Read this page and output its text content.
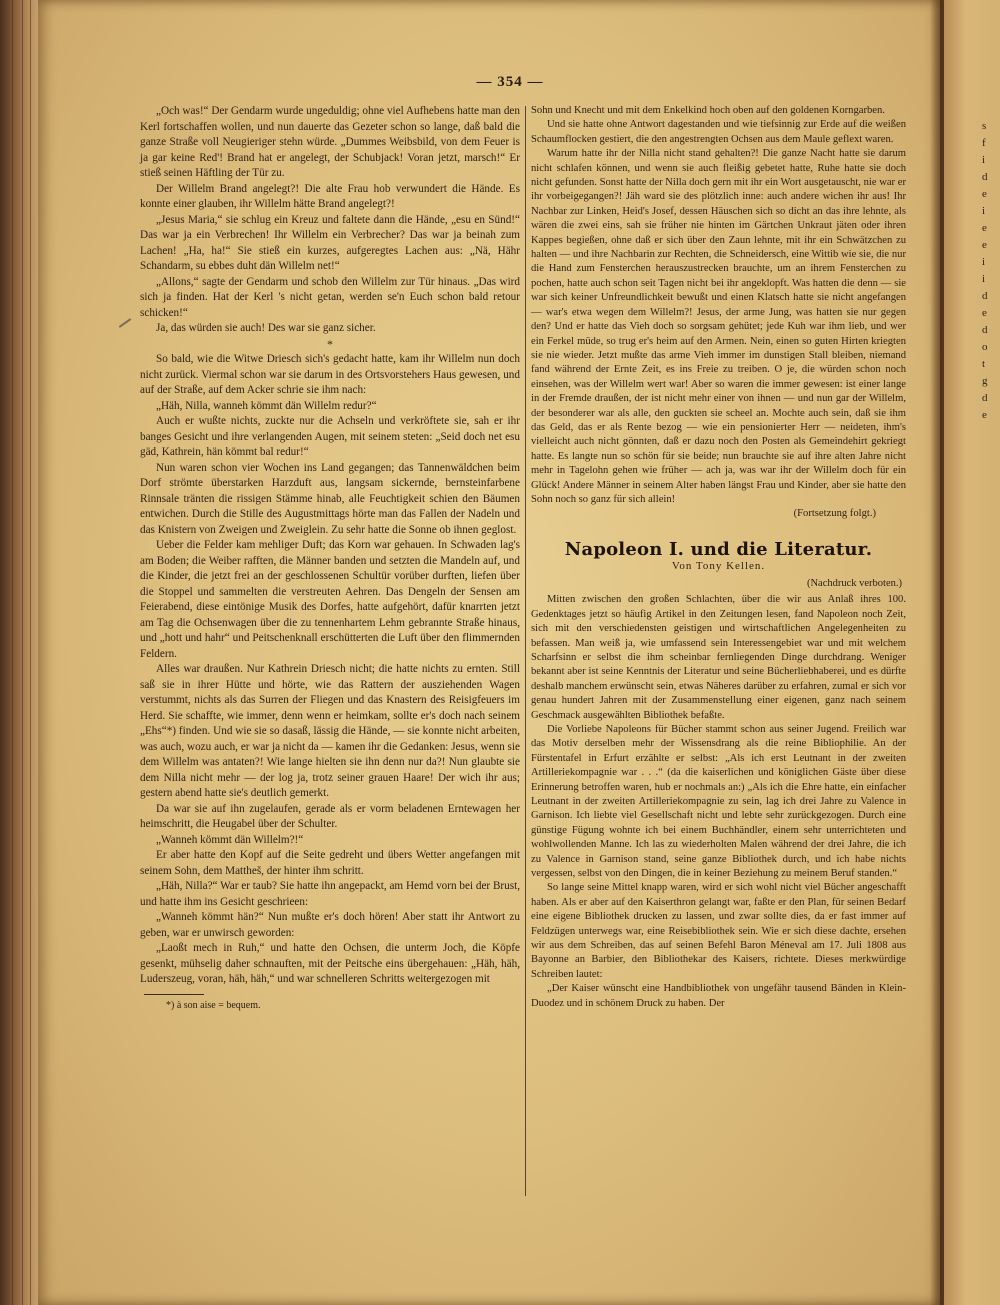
— 354 —

„Och was!“ Der Gendarm wurde ungeduldig; ohne viel Aufhebens hatte man den Kerl fortschaffen wollen, und nun dauerte das Gezeter schon so lange, daß bald die ganze Straße voll Neugieriger stehn würde. „Dummes Weibsbild, von dem Feuer is ja gar keine Red'! Brand hat er angelegt, der Schubjack! Voran jetzt, marsch!“ Er stieß seinen Häftling der Tür zu.

Der Willelm Brand angelegt?! Die alte Frau hob verwundert die Hände. Es konnte einer glauben, ihr Willelm hätte Brand angelegt?!

„Jesus Maria,“ sie schlug ein Kreuz und faltete dann die Hände, „esu en Sünd!“ Das war ja ein Verbrechen! Ihr Willelm ein Verbrecher? Das war ja beinah zum Lachen! „Ha, ha!“ Sie stieß ein kurzes, aufgeregtes Lachen aus: „Nä, Hähr Schandarm, su ebbes duht dän Willelm net!“

„Allons,“ sagte der Gendarm und schob den Willelm zur Tür hinaus. „Das wird sich ja finden. Hat der Kerl 's nicht getan, werden se'n Euch schon bald retour schicken!“

Ja, das würden sie auch! Des war sie ganz sicher.

*

So bald, wie die Witwe Driesch sich's gedacht hatte, kam ihr Willelm nun doch nicht zurück. Viermal schon war sie darum in des Ortsvorstehers Haus gewesen, und auf der Straße, auf dem Acker schrie sie ihm nach:

„Häh, Nilla, wanneh kömmt dän Willelm redur?“

Auch er wußte nichts, zuckte nur die Achseln und verkröftete sie, sah er ihr banges Gesicht und ihre verlangenden Augen, mit seinem steten: „Seid doch net esu gäd, Kathrein, hän kömmt bal redur!“

Nun waren schon vier Wochen ins Land gegangen; das Tannenwäldchen beim Dorf strömte überstarken Harzduft aus, langsam sickernde, bernsteinfarbene Rinnsale tränten die rissigen Stämme hinab, alle Feuchtigkeit schien den Bäumen entwichen. Durch die Stille des Augustmittags hörte man das Fallen der Nadeln und das Knistern von Zweigen und Zweiglein. Zu sehr hatte die Sonne ob ihnen geglost.

Ueber die Felder kam mehliger Duft; das Korn war gehauen. In Schwaden lag's am Boden; die Weiber rafften, die Männer banden und setzten die Mandeln auf, und die Kinder, die jetzt frei an der geschlossenen Schultür vorüber durften, liefen über die Stoppel und sammelten die verstreuten Aehren. Das Dengeln der Sensen am Feierabend, diese eintönige Musik des Dorfes, hatte aufgehört, dafür knarrten jetzt am Tag die Ochsenwagen über die zu tennenhartem Lehm gebrannte Straße hinaus, und „hott und hahr“ und Peitschenknall erschütterten die Luft über den flimmernden Feldern.

Alles war draußen. Nur Kathrein Driesch nicht; die hatte nichts zu ernten. Still saß sie in ihrer Hütte und hörte, wie das Rattern der ausziehenden Wagen verstummt, nichts als das Surren der Fliegen und das Knastern des Reisigfeuers im Herd. Sie schaffte, wie immer, denn wenn er heimkam, sollte er's doch nach seinem „Ehs“*) finden. Und wie sie so dasaß, lässig die Hände, — sie konnte nicht arbeiten, was auch, wozu auch, er war ja nicht da — kamen ihr die Gedanken: Jesus, wenn sie dem Willelm was antaten?! Wie lange hielten sie ihn denn nur da?! Nun glaubte sie dem Nilla nicht mehr — der log ja, trotz seiner grauen Haare! Der wich ihr aus; gestern abend hatte sie's deutlich gemerkt.

Da war sie auf ihn zugelaufen, gerade als er vorm beladenen Erntewagen her heimschritt, die Heugabel über der Schulter.

„Wanneh kömmt dän Willelm?!“

Er aber hatte den Kopf auf die Seite gedreht und übers Wetter angefangen mit seinem Sohn, dem Mattheš, der hinter ihm schritt.

„Häh, Nilla?“ War er taub? Sie hatte ihn angepackt, am Hemd vorn bei der Brust, und hatte ihm ins Gesicht geschrieen:

„Wanneh kömmt hän?“ Nun mußte er's doch hören! Aber statt ihr Antwort zu geben, war er unwirsch geworden:

„Laoßt mech in Ruh,“ und hatte den Ochsen, die unterm Joch, die Köpfe gesenkt, mühselig daher schnauften, mit der Peitsche eins übergehauen: „Häh, häh, Luderszeug, voran, häh, häh,“ und war schnelleren Schritts weitergezogen mit

*) à son aise = bequem.

Sohn und Knecht und mit dem Enkelkind hoch oben auf den goldenen Korngarben.

Und sie hatte ohne Antwort dagestanden und wie tiefsinnig zur Erde auf die weißen Schaumflocken gestiert, die den angestrengten Ochsen aus dem Maule geflext waren.

Warum hatte ihr der Nilla nicht stand gehalten?! Die ganze Nacht hatte sie darum nicht schlafen können, und wenn sie auch fleißig gebetet hatte, Ruhe hatte sie doch nicht gefunden. Sonst hatte der Nilla doch gern mit ihr ein Wort ausgetauscht, nie war er ihr vorbeigegangen?! Jäh ward sie des plötzlich inne: auch andere wichen ihr aus! Ihr Nachbar zur Linken, Heid's Josef, dessen Häuschen sich so dicht an das ihre lehnte, als wären die zwei eins, sah sie früher nie hinten im Gärtchen Unkraut jäten oder ihren Kappes begießen, ohne daß er sich über den Zaun lehnte, mit ihr ein Schwätzchen zu halten — und ihre Nachbarin zur Rechten, die Schneidersch, eine Wittib wie sie, die nur die Hand zum Fensterchen herauszustrecken brauchte, um an ihrem Fensterchen zu pochen, hatte auch schon seit Tagen nicht bei ihr angeklopft. Was hatten die denn — sie war sich keiner Unfreundlichkeit bewußt und einen Klatsch hatte sie nicht angefangen — war's etwa wegen dem Willelm?! Jesus, der arme Jung, was hatten sie nur gegen den? Und er hatte das Vieh doch so sorgsam gehütet; jede Kuh war ihm lieb, und wer ein Ferkel müde, so trug er's heim auf den Armen. Nein, einen so guten Hirten kriegten sie nie wieder. Jetzt mußte das arme Vieh immer im dunstigen Stall bleiben, niemand fand während der Ernte Zeit, es ins Freie zu treiben. O je, die würden schon noch einsehen, was der Willelm wert war! Aber so waren die immer gewesen: ist einer lange in der Fremde draußen, der ist nicht mehr einer von ihnen — und nun gar der Willelm, der besonderer war als alle, den guckten sie scheel an. Mochte auch sein, daß sie ihm das Geld, das er als Rente bezog — wie ein pensionierter Herr — neideten, ihm's vielleicht auch nicht gönnten, daß er dazu noch den Posten als Gemeindehirt gekriegt hatte. Es langte nun so schön für sie beide; nun brauchte sie auf ihre alten Jahre nicht mehr in Tagelohn gehen wie früher — ach ja, was war ihr der Willelm doch für ein Glück! Andere Männer in seinem Alter haben längst Frau und Kinder, aber sie hatte den Sohn noch so ganz für sich allein!

(Fortsetzung folgt.)

Napoleon I. und die Literatur.
Von Tony Kellen.
(Nachdruck verboten.)

Mitten zwischen den großen Schlachten, über die wir aus Anlaß ihres 100. Gedenktages jetzt so häufig Artikel in den Zeitungen lesen, fand Napoleon noch Zeit, sich mit den verschiedensten geistigen und wirtschaftlichen Angelegenheiten zu befassen. Man weiß ja, wie umfassend sein Interessengebiet war und mit welchem Scharfsinn er selbst die ihm scheinbar fernliegenden Dinge durchdrang. Weniger bekannt aber ist seine Kenntnis der Literatur und seine Bücherliebhaberei, und es dürfte deshalb manchem erwünscht sein, etwas Näheres darüber zu erfahren, zumal er sich vor genau hundert Jahren mit der Zusammenstellung einer eigenen, ganz nach seinem Geschmack ausgewählten Bibliothek befaßte.

Die Vorliebe Napoleons für Bücher stammt schon aus seiner Jugend. Freilich war das Motiv derselben mehr der Wissensdrang als die reine Bibliophilie. An der Fürstentafel in Erfurt erzählte er selbst: „Als ich erst Leutnant in der zweiten Artilleriekompagnie war . . .“ (da die kaiserlichen und königlichen Gäste über diese Erinnerung betroffen waren, hub er nochmals an:) „Als ich die Ehre hatte, ein einfacher Leutnant in der zweiten Artilleriekompagnie zu sein, lag ich drei Jahre zu Valence in Garnison. Ich liebte viel Gesellschaft nicht und lebte sehr zurückgezogen. Durch eine günstige Fügung wohnte ich bei einem Buchhändler, einem sehr unterrichteten und wohlwollenden Manne. Ich las zu wiederholten Malen während der drei Jahre, die ich zu Valence in Garnison stand, seine ganze Bibliothek durch, und ich habe nichts vergessen, selbst von den Dingen, die in keiner Beziehung zu meinem Beruf standen.“

So lange seine Mittel knapp waren, wird er sich wohl nicht viel Bücher angeschafft haben. Als er aber auf den Kaiserthron gelangt war, faßte er den Plan, für seinen Bedarf eine eigene Bibliothek drucken zu lassen, und zwar sollte dies, da er fast immer auf Feldzügen unterwegs war, eine Reisebibliothek sein. Wie er sich diese dachte, ersehen wir aus dem Schreiben, das auf seinen Befehl Baron Méneval am 17. Juli 1808 aus Bayonne an Barbier, den Bibliothekar des Kaisers, richtete. Dieses merkwürdige Schreiben lautet:

„Der Kaiser wünscht eine Handbibliothek von ungefähr tausend Bänden in Klein-Duodez und in schönem Druck zu haben. Der

s
f
i
d
e
i
e
e
i
i
d
e
d
o
t
g
d
e
